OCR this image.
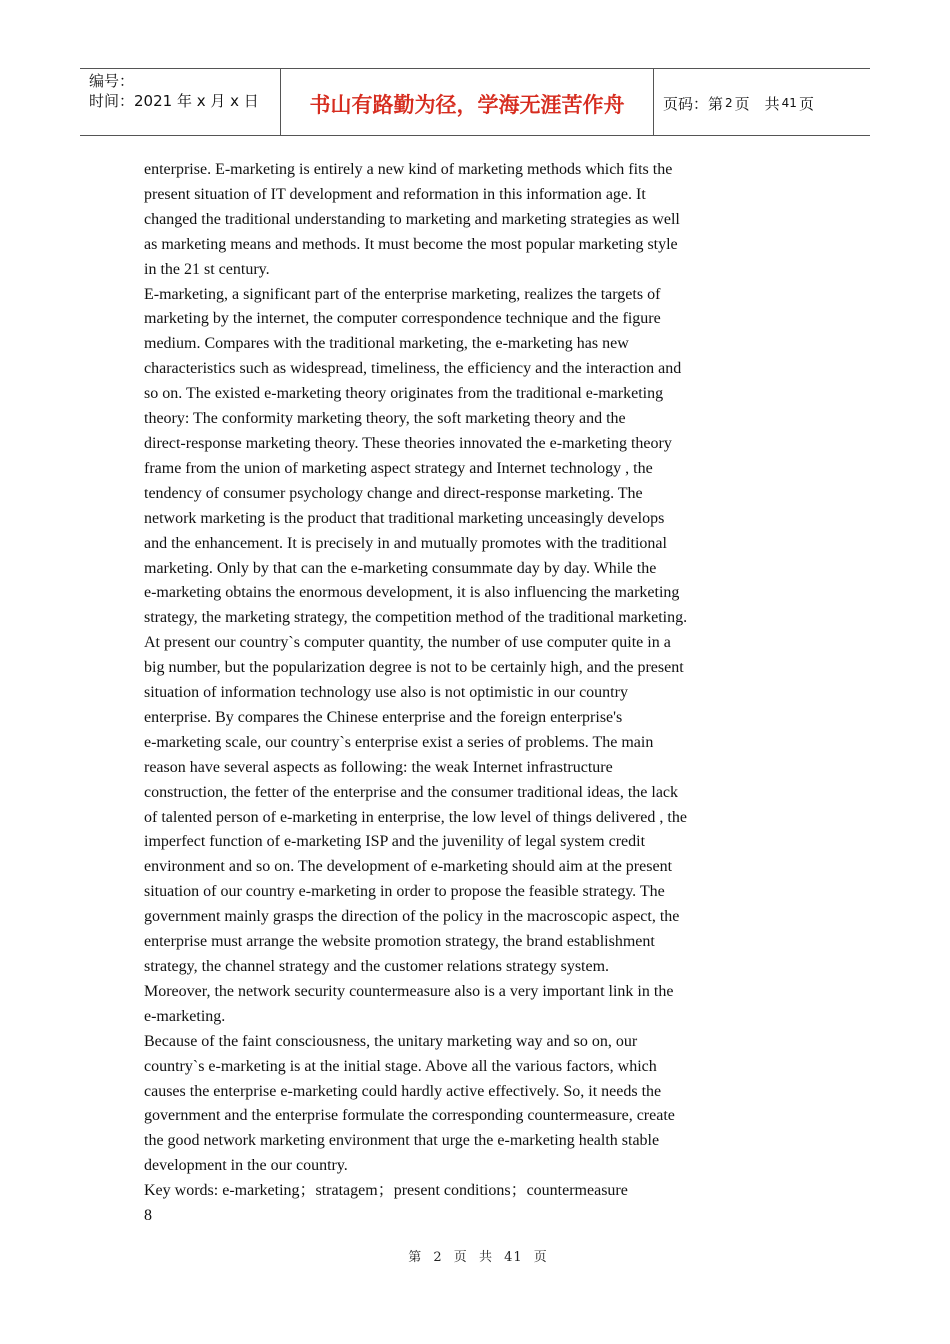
编号：
时间：2021 年 x 月 x 日	书山有路勤为径，学海无涯苦作舟	页码：第 2 页　共 41 页

enterprise. E-marketing is entirely a new kind of marketing methods which fits the

present situation of IT development and reformation in this information age. It

changed the traditional understanding to marketing and marketing strategies as well

as marketing means and methods. It must become the most popular marketing style

in the 21 st century.

E-marketing, a significant part of the enterprise marketing, realizes the targets of

marketing by the internet, the computer correspondence technique and the figure

medium. Compares with the traditional marketing, the e-marketing has new

characteristics such as widespread, timeliness, the efficiency and the interaction and

so on. The existed e-marketing theory originates from the traditional e-marketing

theory: The conformity marketing theory, the soft marketing theory and the

direct-response marketing theory. These theories innovated the e-marketing theory

frame from the union of marketing aspect strategy and Internet technology , the

tendency of consumer psychology change and direct-response marketing. The

network marketing is the product that traditional marketing unceasingly develops

and the enhancement. It is precisely in and mutually promotes with the traditional

marketing. Only by that can the e-marketing consummate day by day. While the

e-marketing obtains the enormous development, it is also influencing the marketing

strategy, the marketing strategy, the competition method of the traditional marketing.

At present our country`s computer quantity, the number of use computer quite in a

big number, but the popularization degree is not to be certainly high, and the present

situation of information technology use also is not optimistic in our country

enterprise. By compares the Chinese enterprise and the foreign enterprise's

e-marketing scale, our country`s enterprise exist a series of problems. The main

reason have several aspects as following: the weak Internet infrastructure

construction, the fetter of the enterprise and the consumer traditional ideas, the lack

of talented person of e-marketing in enterprise, the low level of things delivered , the

imperfect function of e-marketing ISP and the juvenility of legal system credit

environment and so on. The development of e-marketing should aim at the present

situation of our country e-marketing in order to propose the feasible strategy. The

government mainly grasps the direction of the policy in the macroscopic aspect, the

enterprise must arrange the website promotion strategy, the brand establishment

strategy, the channel strategy and the customer relations strategy system.

Moreover, the network security countermeasure also is a very important link in the

e-marketing.

Because of the faint consciousness, the unitary marketing way and so on, our

country`s e-marketing is at the initial stage. Above all the various factors, which

causes the enterprise e-marketing could hardly active effectively. So, it needs the

government and the enterprise formulate the corresponding countermeasure, create

the good network marketing environment that urge the e-marketing health stable

development in the our country.

Key words: e-marketing；stratagem；present conditions；countermeasure

8

第 2 页 共 41 页
